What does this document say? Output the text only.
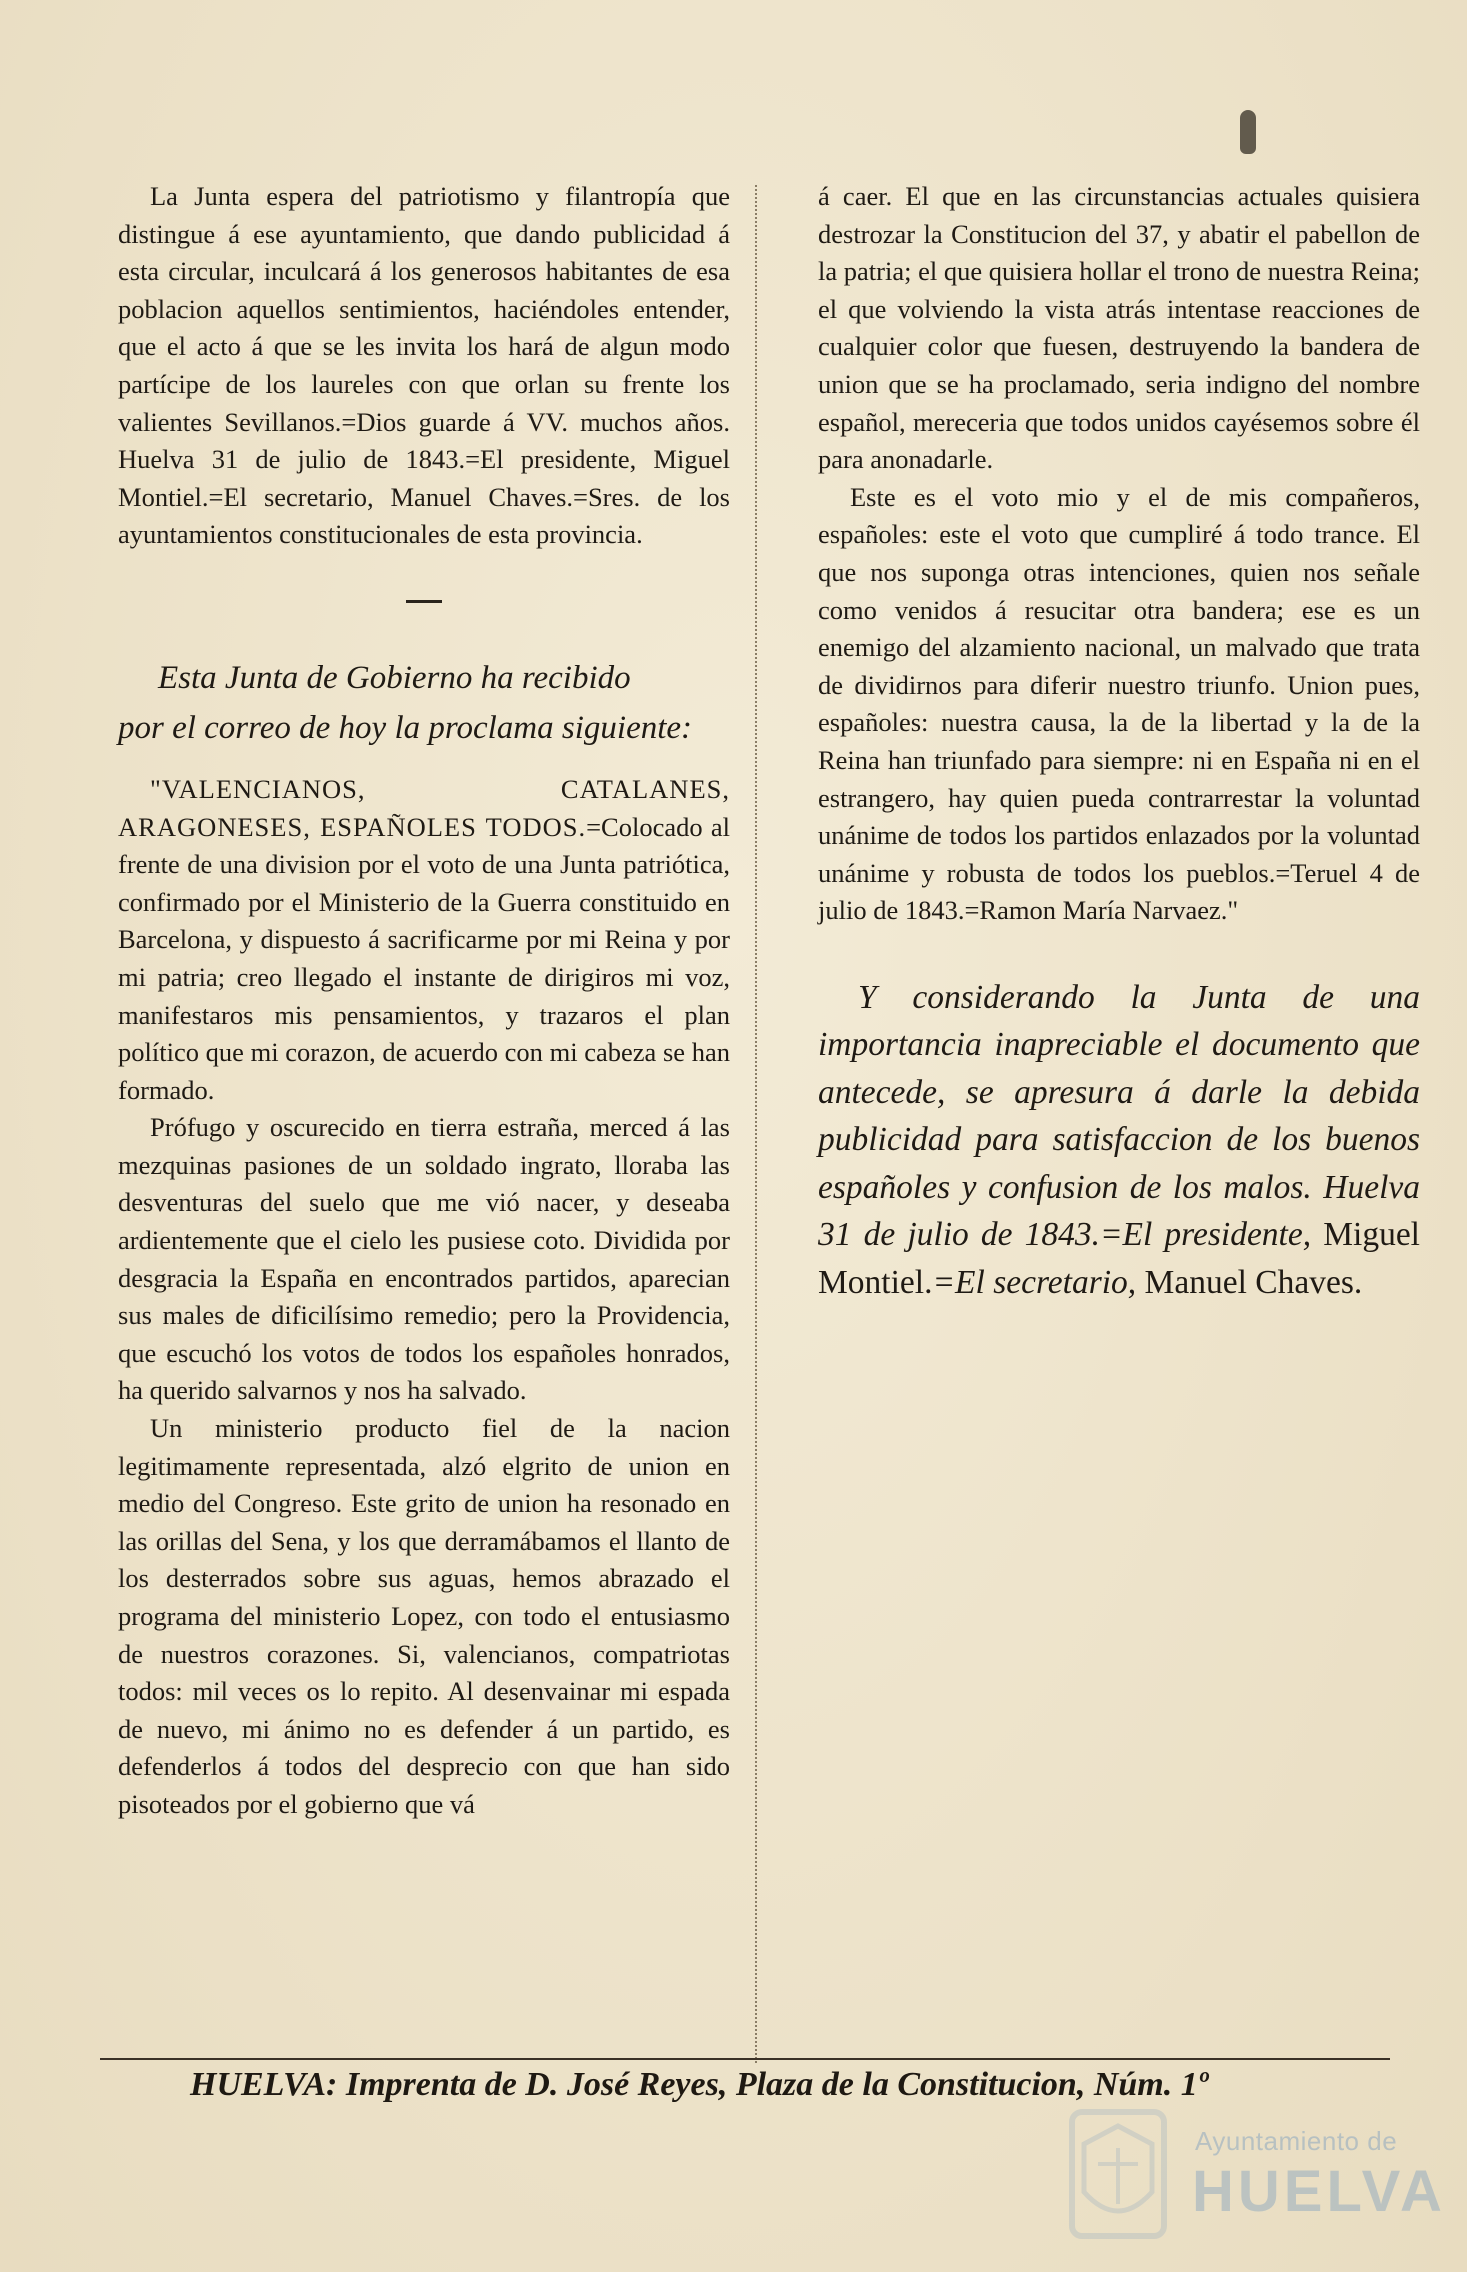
La Junta espera del patriotismo y filantropía que distingue á ese ayuntamiento, que dando publicidad á esta circular, inculcará á los generosos habitantes de esa poblacion aquellos sentimientos, haciéndoles entender, que el acto á que se les invita los hará de algun modo partícipe de los laureles con que orlan su frente los valientes Sevillanos.=Dios guarde á VV. muchos años. Huelva 31 de julio de 1843.=El presidente, Miguel Montiel.=El secretario, Manuel Chaves.=Sres. de los ayuntamientos constitucionales de esta provincia.

Esta Junta de Gobierno ha recibido
por el correo de hoy la proclama siguiente:

"VALENCIANOS, CATALANES, ARAGONESES, ESPAÑOLES TODOS.=Colocado al frente de una division por el voto de una Junta patriótica, confirmado por el Ministerio de la Guerra constituido en Barcelona, y dispuesto á sacrificarme por mi Reina y por mi patria; creo llegado el instante de dirigiros mi voz, manifestaros mis pensamientos, y trazaros el plan político que mi corazon, de acuerdo con mi cabeza se han formado.

Prófugo y oscurecido en tierra estraña, merced á las mezquinas pasiones de un soldado ingrato, lloraba las desventuras del suelo que me vió nacer, y deseaba ardientemente que el cielo les pusiese coto. Dividida por desgracia la España en encontrados partidos, aparecian sus males de dificilísimo remedio; pero la Providencia, que escuchó los votos de todos los españoles honrados, ha querido salvarnos y nos ha salvado.

Un ministerio producto fiel de la nacion legitimamente representada, alzó elgrito de union en medio del Congreso. Este grito de union ha resonado en las orillas del Sena, y los que derramábamos el llanto de los desterrados sobre sus aguas, hemos abrazado el programa del ministerio Lopez, con todo el entusiasmo de nuestros corazones. Si, valencianos, compatriotas todos: mil veces os lo repito. Al desenvainar mi espada de nuevo, mi ánimo no es defender á un partido, es defenderlos á todos del desprecio con que han sido pisoteados por el gobierno que vá

á caer. El que en las circunstancias actuales quisiera destrozar la Constitucion del 37, y abatir el pabellon de la patria; el que quisiera hollar el trono de nuestra Reina; el que volviendo la vista atrás intentase reacciones de cualquier color que fuesen, destruyendo la bandera de union que se ha proclamado, seria indigno del nombre español, mereceria que todos unidos cayésemos sobre él para anonadarle.

Este es el voto mio y el de mis compañeros, españoles: este el voto que cumpliré á todo trance. El que nos suponga otras intenciones, quien nos señale como venidos á resucitar otra bandera; ese es un enemigo del alzamiento nacional, un malvado que trata de dividirnos para diferir nuestro triunfo. Union pues, españoles: nuestra causa, la de la libertad y la de la Reina han triunfado para siempre: ni en España ni en el estrangero, hay quien pueda contrarrestar la voluntad unánime de todos los partidos enlazados por la voluntad unánime y robusta de todos los pueblos.=Teruel 4 de julio de 1843.=Ramon María Narvaez."

Y considerando la Junta de una importancia inapreciable el documento que antecede, se apresura á darle la debida publicidad para satisfaccion de los buenos españoles y confusion de los malos. Huelva 31 de julio de 1843.=El presidente, Miguel Montiel.=El secretario, Manuel Chaves.

HUELVA: Imprenta de D. José Reyes, Plaza de la Constitucion, Núm. 1º
Ayuntamiento de
HUELVA
